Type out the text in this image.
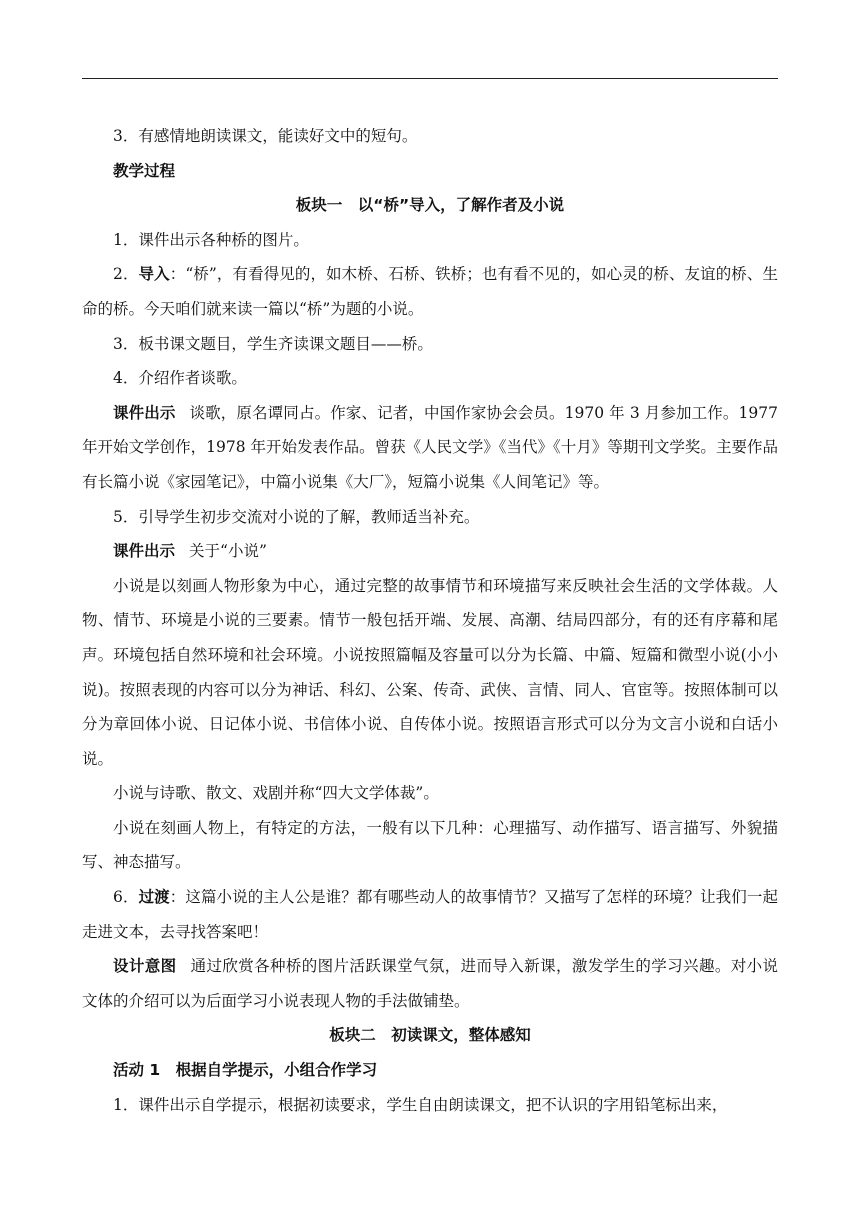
3．有感情地朗读课文，能读好文中的短句。

教学过程

板块一　以“桥”导入，了解作者及小说

1．课件出示各种桥的图片。

2．导入：“桥”，有看得见的，如木桥、石桥、铁桥；也有看不见的，如心灵的桥、友谊的桥、生命的桥。今天咱们就来读一篇以“桥”为题的小说。

3．板书课文题目，学生齐读课文题目——桥。

4．介绍作者谈歌。

课件出示 谈歌，原名谭同占。作家、记者，中国作家协会会员。1970 年 3 月参加工作。1977 年开始文学创作，1978 年开始发表作品。曾获《人民文学》《当代》《十月》等期刊文学奖。主要作品有长篇小说《家园笔记》，中篇小说集《大厂》，短篇小说集《人间笔记》等。

5．引导学生初步交流对小说的了解，教师适当补充。

课件出示 关于“小说”

小说是以刻画人物形象为中心，通过完整的故事情节和环境描写来反映社会生活的文学体裁。人物、情节、环境是小说的三要素。情节一般包括开端、发展、高潮、结局四部分，有的还有序幕和尾声。环境包括自然环境和社会环境。小说按照篇幅及容量可以分为长篇、中篇、短篇和微型小说(小小说)。按照表现的内容可以分为神话、科幻、公案、传奇、武侠、言情、同人、官宦等。按照体制可以分为章回体小说、日记体小说、书信体小说、自传体小说。按照语言形式可以分为文言小说和白话小说。

小说与诗歌、散文、戏剧并称“四大文学体裁”。

小说在刻画人物上，有特定的方法，一般有以下几种：心理描写、动作描写、语言描写、外貌描写、神态描写。

6．过渡：这篇小说的主人公是谁？都有哪些动人的故事情节？又描写了怎样的环境？让我们一起走进文本，去寻找答案吧！

设计意图 通过欣赏各种桥的图片活跃课堂气氛，进而导入新课，激发学生的学习兴趣。对小说文体的介绍可以为后面学习小说表现人物的手法做铺垫。

板块二　初读课文，整体感知

活动 1　根据自学提示，小组合作学习

1．课件出示自学提示，根据初读要求，学生自由朗读课文，把不认识的字用铅笔标出来，
